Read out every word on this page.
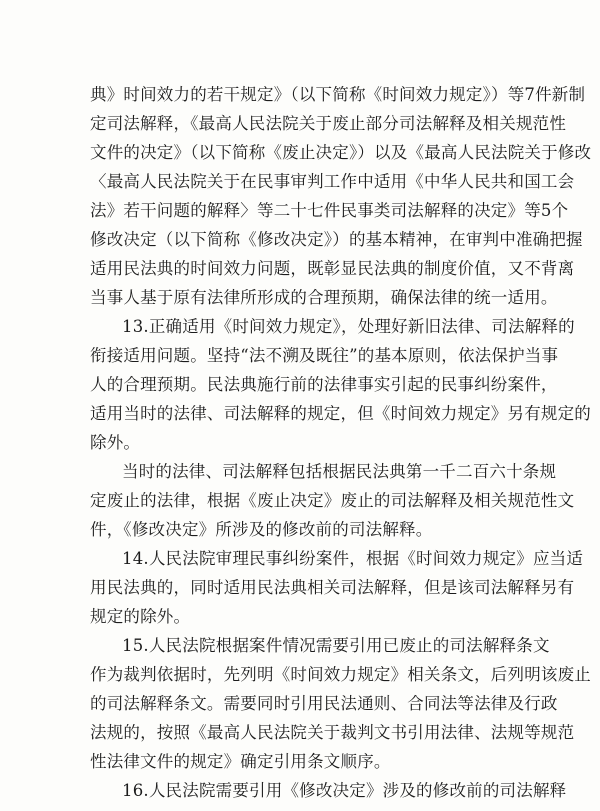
典》时间效力的若干规定》（以下简称《时间效力规定》）等7件新制
定司法解释，《最高人民法院关于废止部分司法解释及相关规范性
文件的决定》（以下简称《废止决定》）以及《最高人民法院关于修改
〈最高人民法院关于在民事审判工作中适用《中华人民共和国工会
法》若干问题的解释〉等二十七件民事类司法解释的决定》等5个
修改决定（以下简称《修改决定》）的基本精神，在审判中准确把握
适用民法典的时间效力问题，既彰显民法典的制度价值，又不背离
当事人基于原有法律所形成的合理预期，确保法律的统一适用。
13.正确适用《时间效力规定》，处理好新旧法律、司法解释的
衔接适用问题。坚持“法不溯及既往”的基本原则，依法保护当事
人的合理预期。民法典施行前的法律事实引起的民事纠纷案件，
适用当时的法律、司法解释的规定，但《时间效力规定》另有规定的
除外。
当时的法律、司法解释包括根据民法典第一千二百六十条规
定废止的法律，根据《废止决定》废止的司法解释及相关规范性文
件，《修改决定》所涉及的修改前的司法解释。
14.人民法院审理民事纠纷案件，根据《时间效力规定》应当适
用民法典的，同时适用民法典相关司法解释，但是该司法解释另有
规定的除外。
15.人民法院根据案件情况需要引用已废止的司法解释条文
作为裁判依据时，先列明《时间效力规定》相关条文，后列明该废止
的司法解释条文。需要同时引用民法通则、合同法等法律及行政
法规的，按照《最高人民法院关于裁判文书引用法律、法规等规范
性法律文件的规定》确定引用条文顺序。
16.人民法院需要引用《修改决定》涉及的修改前的司法解释
